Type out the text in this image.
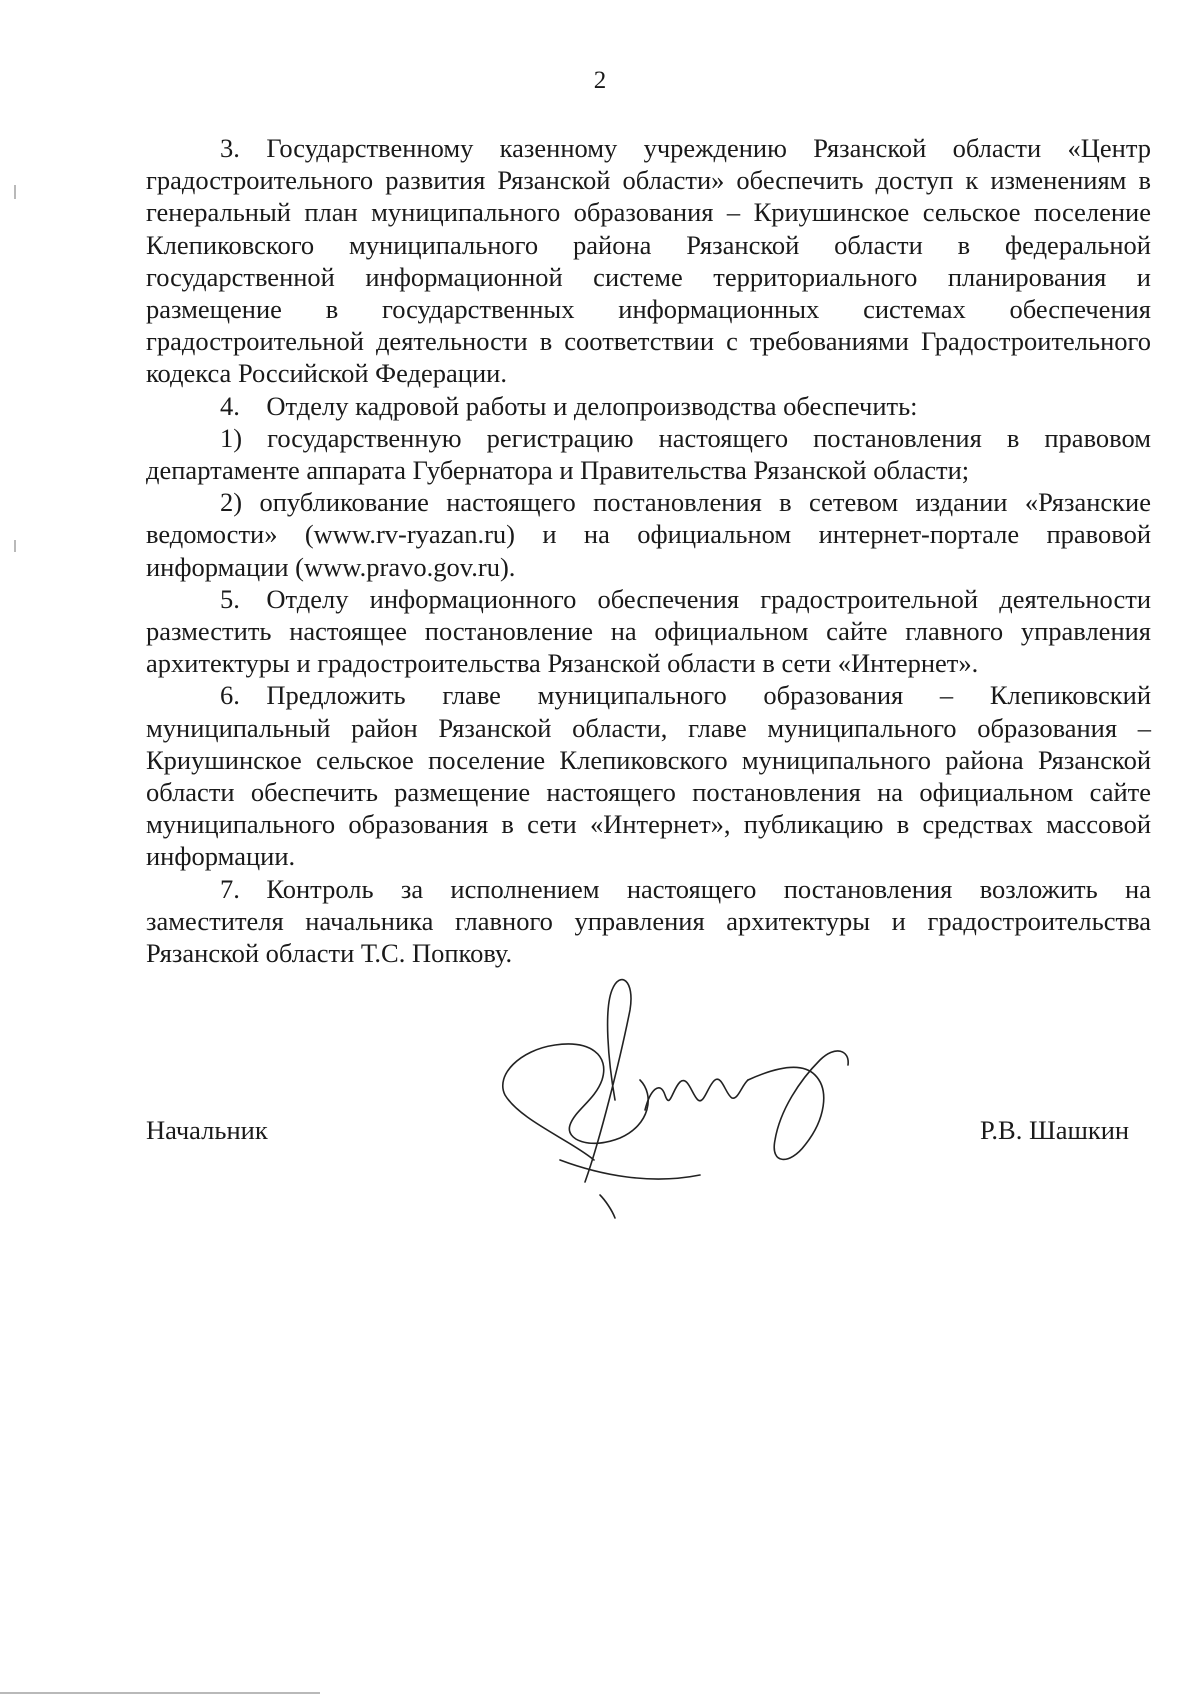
2

3. Государственному казенному учреждению Рязанской области «Центр градостроительного развития Рязанской области» обеспечить доступ к изменениям в генеральный план муниципального образования – Криушинское сельское поселение Клепиковского муниципального района Рязанской области в федеральной государственной информационной системе территориального планирования и размещение в государственных информационных системах обеспечения градостроительной деятельности в соответствии с требованиями Градостроительного кодекса Российской Федерации.

4. Отделу кадровой работы и делопроизводства обеспечить:

1) государственную регистрацию настоящего постановления в правовом департаменте аппарата Губернатора и Правительства Рязанской области;

2) опубликование настоящего постановления в сетевом издании «Рязанские ведомости» (www.rv-ryazan.ru) и на официальном интернет-портале правовой информации (www.pravo.gov.ru).

5. Отделу информационного обеспечения градостроительной деятельности разместить настоящее постановление на официальном сайте главного управления архитектуры и градостроительства Рязанской области в сети «Интернет».

6. Предложить главе муниципального образования – Клепиковский муниципальный район Рязанской области, главе муниципального образования – Криушинское сельское поселение Клепиковского муниципального района Рязанской области обеспечить размещение настоящего постановления на официальном сайте муниципального образования в сети «Интернет», публикацию в средствах массовой информации.

7. Контроль за исполнением настоящего постановления возложить на заместителя начальника главного управления архитектуры и градостроительства Рязанской области Т.С. Попкову.

Начальник	Р.В. Шашкин
